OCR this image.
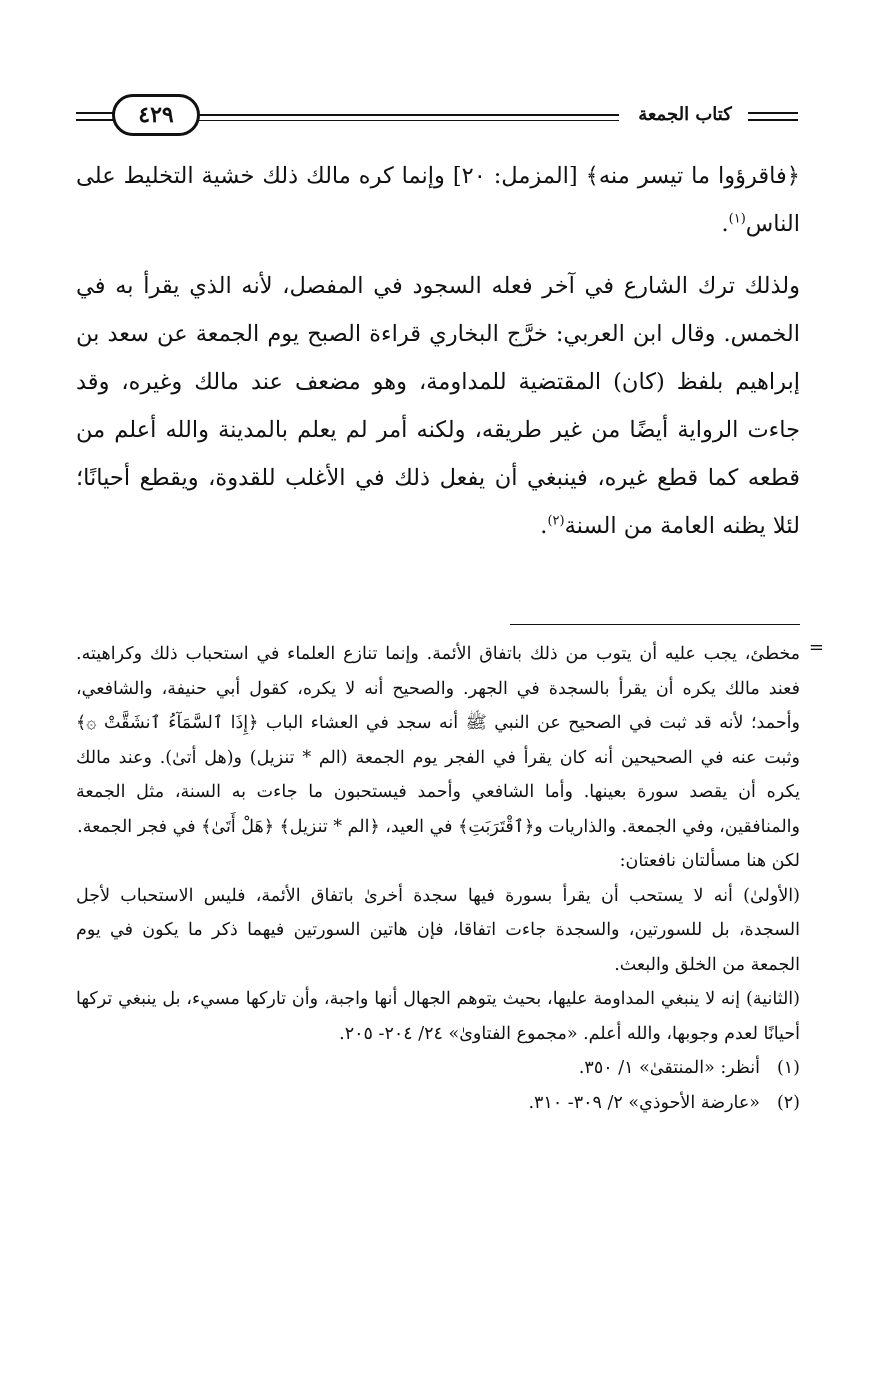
٤٢٩	كتاب الجمعة

﴿فاقرؤوا ما تيسر منه﴾ [المزمل: ٢٠] وإنما كره مالك ذلك خشية التخليط على الناس$^{(١)}$.

ولذلك ترك الشارع في آخر فعله السجود في المفصل، لأنه الذي يقرأ به في الخمس. وقال ابن العربي: خرَّج البخاري قراءة الصبح يوم الجمعة عن سعد بن إبراهيم بلفظ (كان) المقتضية للمداومة، وهو مضعف عند مالك وغيره، وقد جاءت الرواية أيضًا من غير طريقه، ولكنه أمر لم يعلم بالمدينة والله أعلم من قطعه كما قطع غيره، فينبغي أن يفعل ذلك في الأغلب للقدوة، ويقطع أحيانًا؛ لئلا يظنه العامة من السنة$^{(٢)}$.

=

مخطئ، يجب عليه أن يتوب من ذلك باتفاق الأئمة. وإنما تنازع العلماء في استحباب ذلك وكراهيته. فعند مالك يكره أن يقرأ بالسجدة في الجهر. والصحيح أنه لا يكره، كقول أبي حنيفة، والشافعي، وأحمد؛ لأنه قد ثبت في الصحيح عن النبي ﷺ أنه سجد في العشاء الباب ﴿إِذَا ٱلسَّمَآءُ ٱنشَقَّتْ ۞﴾ وثبت عنه في الصحيحين أنه كان يقرأ في الفجر يوم الجمعة (الم * تنزيل) و(هل أتىٰ). وعند مالك يكره أن يقصد سورة بعينها. وأما الشافعي وأحمد فيستحبون ما جاءت به السنة، مثل الجمعة والمنافقين، وفي الجمعة. والذاريات و﴿ٱقْتَرَبَتِ﴾ في العيد، ﴿الم * تنزيل﴾ ﴿هَلْ أَتَىٰ﴾ في فجر الجمعة.

لكن هنا مسألتان نافعتان:

(الأولىٰ) أنه لا يستحب أن يقرأ بسورة فيها سجدة أخرىٰ باتفاق الأئمة، فليس الاستحباب لأجل السجدة، بل للسورتين، والسجدة جاءت اتفاقا، فإن هاتين السورتين فيهما ذكر ما يكون في يوم الجمعة من الخلق والبعث.

(الثانية) إنه لا ينبغي المداومة عليها، بحيث يتوهم الجهال أنها واجبة، وأن تاركها مسيء، بل ينبغي تركها أحيانًا لعدم وجوبها، والله أعلم. «مجموع الفتاوىٰ» ٢٤/ ٢٠٤- ٢٠٥.

(١)
أنظر: «المنتقىٰ» ١/ ٣٥٠.
(٢)
«عارضة الأحوذي» ٢/ ٣٠٩- ٣١٠.
